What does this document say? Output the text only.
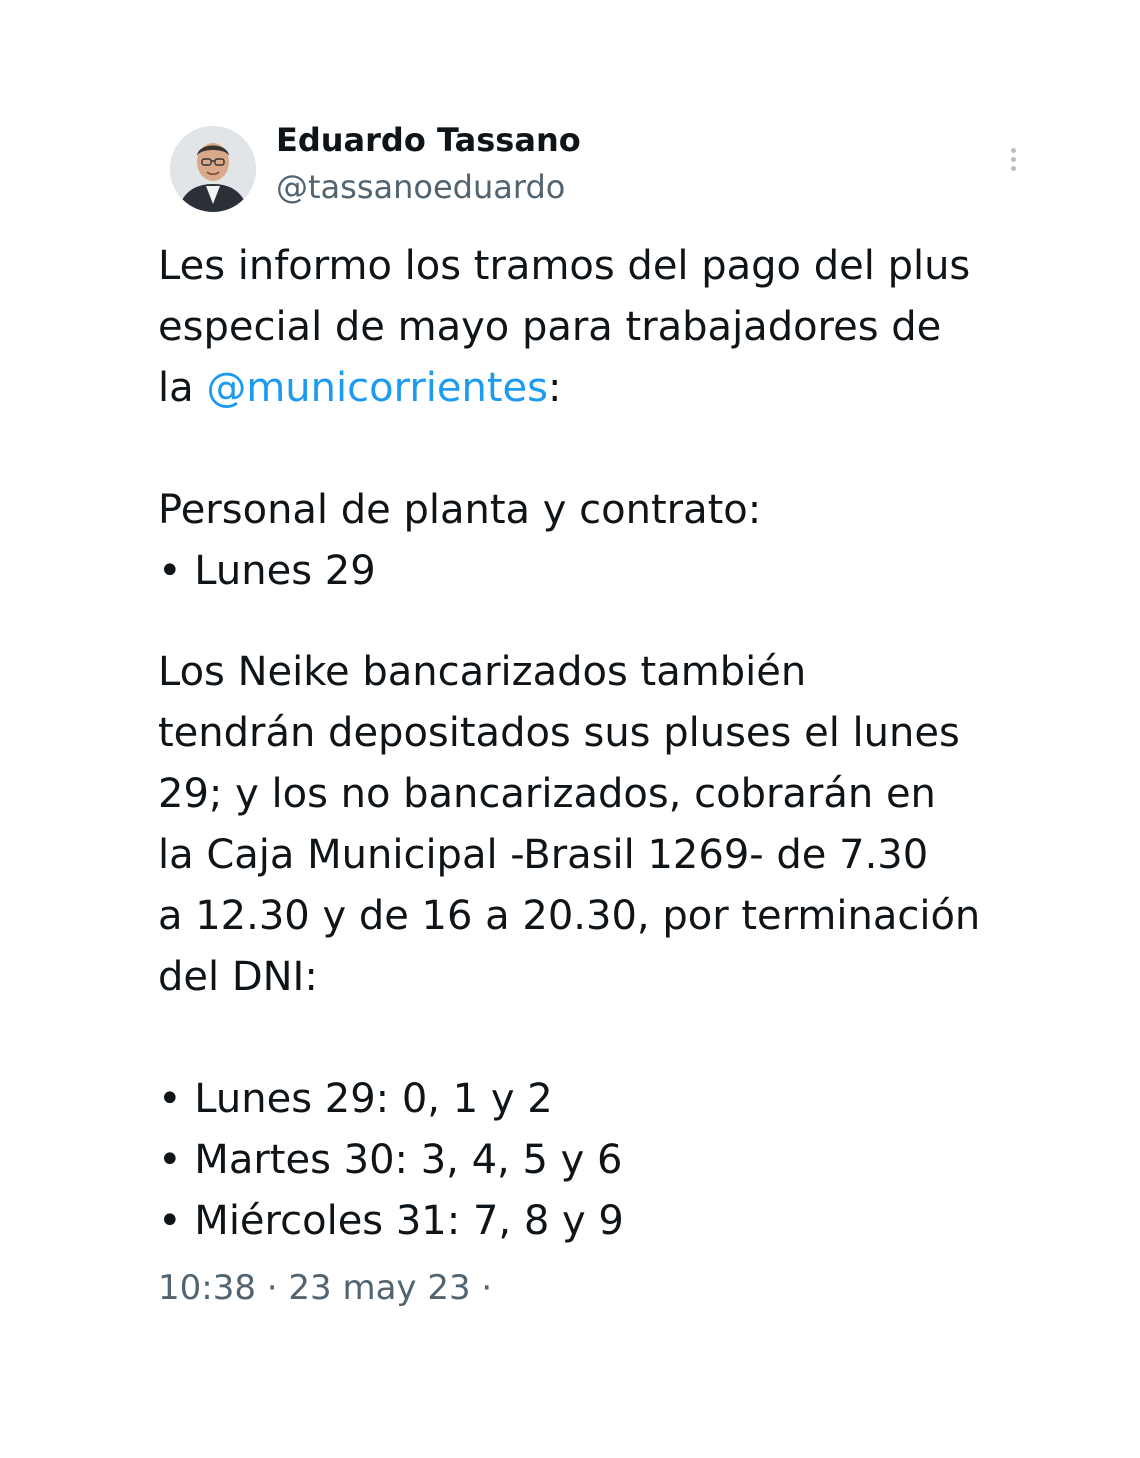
Eduardo Tassano
@tassanoeduardo
Les informo los tramos del pago del plus
especial de mayo para trabajadores de
la @municorrientes:
Personal de planta y contrato:
• Lunes 29
Los Neike bancarizados también
tendrán depositados sus pluses el lunes
29; y los no bancarizados, cobrarán en
la Caja Municipal -Brasil 1269- de 7.30
a 12.30 y de 16 a 20.30, por terminación
del DNI:
• Lunes 29: 0, 1 y 2
• Martes 30: 3, 4, 5 y 6
• Miércoles 31: 7, 8 y 9
10:38 · 23 may 23 ·
